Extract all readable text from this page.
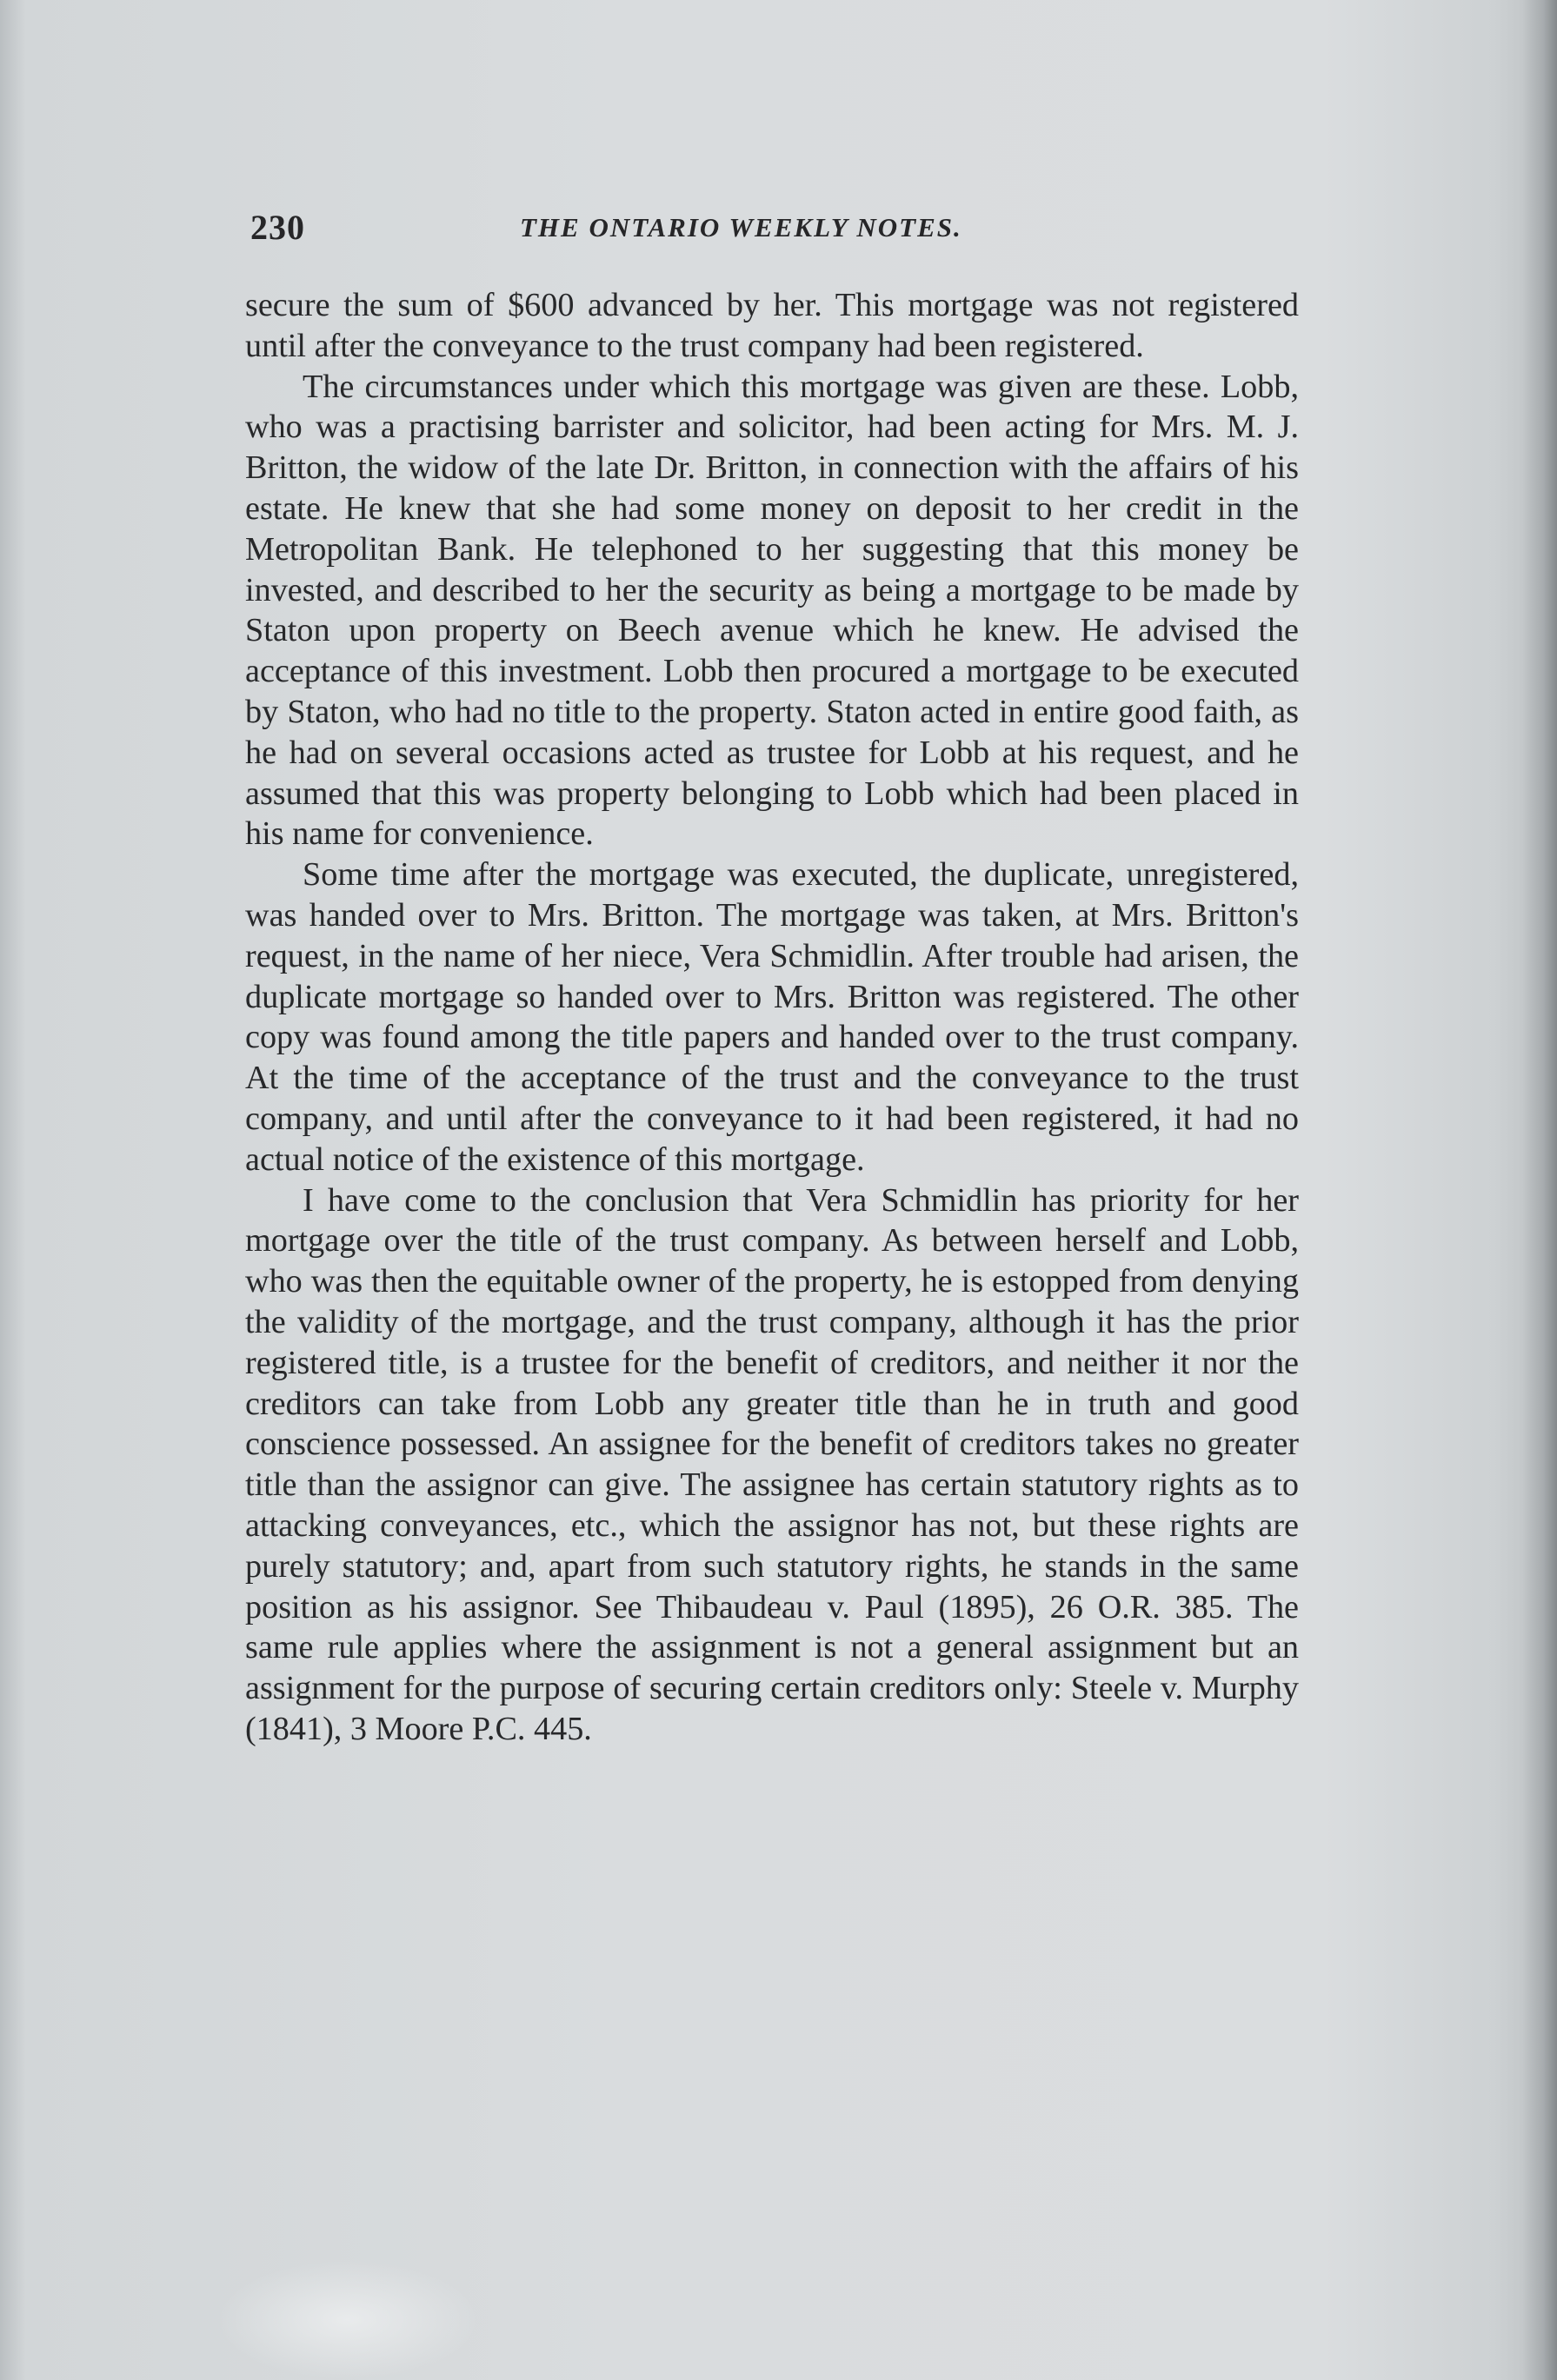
230	THE ONTARIO WEEKLY NOTES.

secure the sum of $600 advanced by her. This mortgage was not registered until after the conveyance to the trust company had been registered.

The circumstances under which this mortgage was given are these. Lobb, who was a practising barrister and solicitor, had been acting for Mrs. M. J. Britton, the widow of the late Dr. Britton, in connection with the affairs of his estate. He knew that she had some money on deposit to her credit in the Metropolitan Bank. He telephoned to her suggesting that this money be invested, and described to her the security as being a mortgage to be made by Staton upon property on Beech avenue which he knew. He advised the acceptance of this investment. Lobb then procured a mortgage to be executed by Staton, who had no title to the property. Staton acted in entire good faith, as he had on several occasions acted as trustee for Lobb at his request, and he assumed that this was property belonging to Lobb which had been placed in his name for convenience.

Some time after the mortgage was executed, the duplicate, unregistered, was handed over to Mrs. Britton. The mortgage was taken, at Mrs. Britton's request, in the name of her niece, Vera Schmidlin. After trouble had arisen, the duplicate mortgage so handed over to Mrs. Britton was registered. The other copy was found among the title papers and handed over to the trust company. At the time of the acceptance of the trust and the conveyance to the trust company, and until after the conveyance to it had been registered, it had no actual notice of the existence of this mortgage.

I have come to the conclusion that Vera Schmidlin has priority for her mortgage over the title of the trust company. As between herself and Lobb, who was then the equitable owner of the property, he is estopped from denying the validity of the mortgage, and the trust company, although it has the prior registered title, is a trustee for the benefit of creditors, and neither it nor the creditors can take from Lobb any greater title than he in truth and good conscience possessed. An assignee for the benefit of creditors takes no greater title than the assignor can give. The assignee has certain statutory rights as to attacking conveyances, etc., which the assignor has not, but these rights are purely statutory; and, apart from such statutory rights, he stands in the same position as his assignor. See Thibaudeau v. Paul (1895), 26 O.R. 385. The same rule applies where the assignment is not a general assignment but an assignment for the purpose of securing certain creditors only: Steele v. Murphy (1841), 3 Moore P.C. 445.
